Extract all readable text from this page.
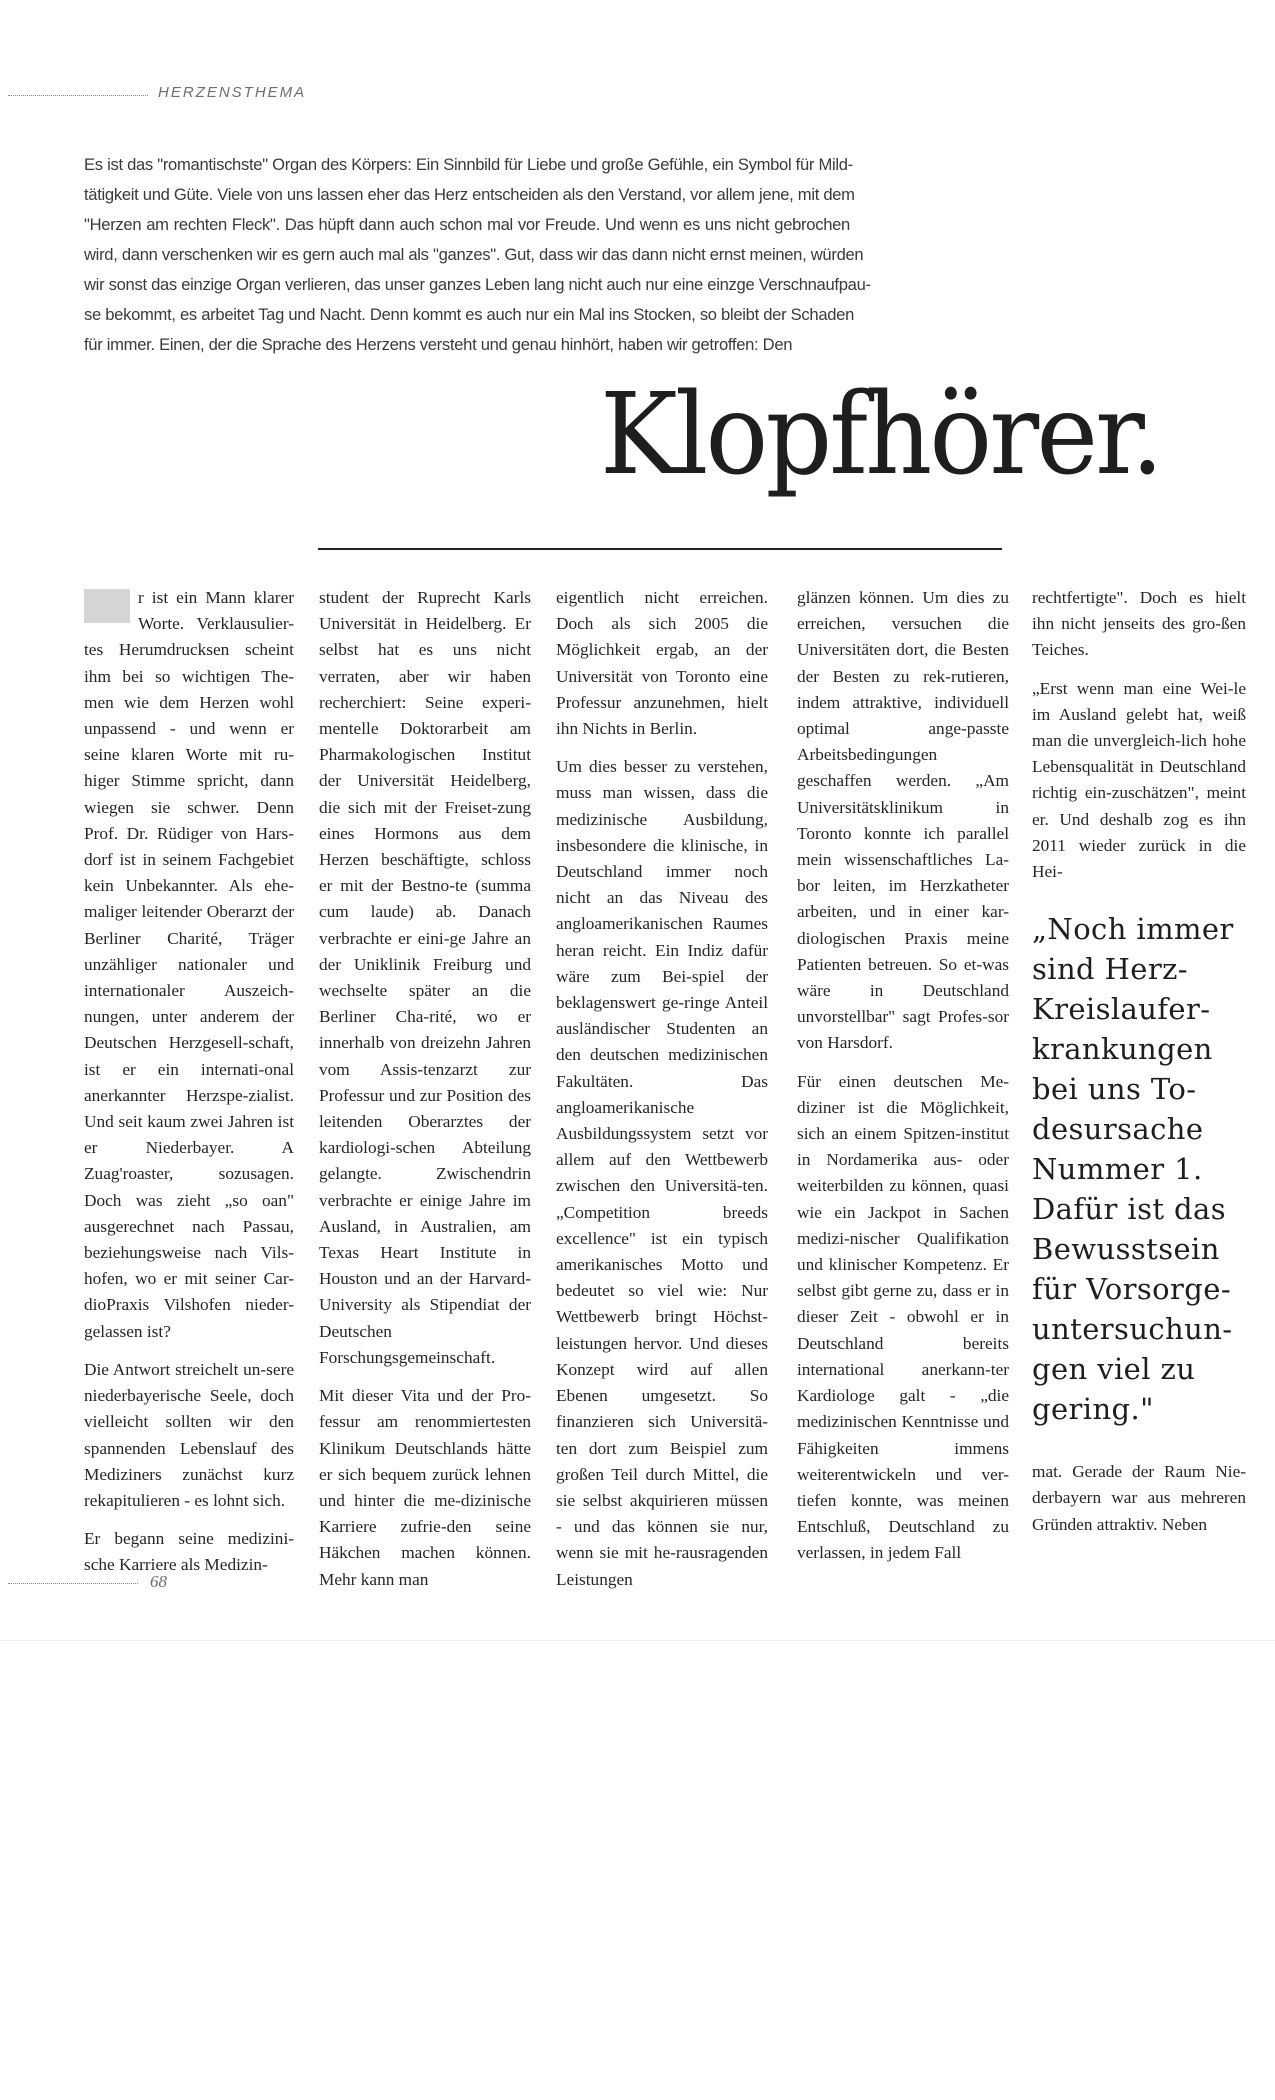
HERZENSTHEMA
Es ist das "romantischste" Organ des Körpers: Ein Sinnbild für Liebe und große Gefühle, ein Symbol für Mild-
tätigkeit und Güte. Viele von uns lassen eher das Herz entscheiden als den Verstand, vor allem jene, mit dem
"Herzen am rechten Fleck". Das hüpft dann auch schon mal vor Freude. Und wenn es uns nicht gebrochen
wird, dann verschenken wir es gern auch mal als "ganzes". Gut, dass wir das dann nicht ernst meinen, würden
wir sonst das einzige Organ verlieren, das unser ganzes Leben lang nicht auch nur eine einzge Verschnaufpau-
se bekommt, es arbeitet Tag und Nacht. Denn kommt es auch nur ein Mal ins Stocken, so bleibt der Schaden
für immer. Einen, der die Sprache des Herzens versteht und genau hinhört, haben wir getroffen: Den
Klopfhörer.

r ist ein Mann klarer Worte. Verklausulier-tes Herumdrucksen scheint ihm bei so wichtigen The-men wie dem Herzen wohl unpassend - und wenn er seine klaren Worte mit ru-higer Stimme spricht, dann wiegen sie schwer. Denn Prof. Dr. Rüdiger von Hars-dorf ist in seinem Fachgebiet kein Unbekannter. Als ehe-maliger leitender Oberarzt der Berliner Charité, Träger unzähliger nationaler und internationaler Auszeich-nungen, unter anderem der Deutschen Herzgesell-schaft, ist er ein internati-onal anerkannter Herzspe-zialist. Und seit kaum zwei Jahren ist er Niederbayer. A Zuag'roaster, sozusagen. Doch was zieht „so oan" ausgerechnet nach Passau, beziehungsweise nach Vils-hofen, wo er mit seiner Car-dioPraxis Vilshofen nieder-gelassen ist?

Die Antwort streichelt un-sere niederbayerische Seele, doch vielleicht sollten wir den spannenden Lebenslauf des Mediziners zunächst kurz rekapitulieren - es lohnt sich.

Er begann seine medizini-sche Karriere als Medizin-

student der Ruprecht Karls Universität in Heidelberg. Er selbst hat es uns nicht verraten, aber wir haben recherchiert: Seine experi-mentelle Doktorarbeit am Pharmakologischen Institut der Universität Heidelberg, die sich mit der Freiset-zung eines Hormons aus dem Herzen beschäftigte, schloss er mit der Bestno-te (summa cum laude) ab. Danach verbrachte er eini-ge Jahre an der Uniklinik Freiburg und wechselte später an die Berliner Cha-rité, wo er innerhalb von dreizehn Jahren vom Assis-tenzarzt zur Professur und zur Position des leitenden Oberarztes der kardiologi-schen Abteilung gelangte. Zwischendrin verbrachte er einige Jahre im Ausland, in Australien, am Texas Heart Institute in Houston und an der Harvard-University als Stipendiat der Deutschen Forschungsgemeinschaft.

Mit dieser Vita und der Pro-fessur am renommiertesten Klinikum Deutschlands hätte er sich bequem zurück lehnen und hinter die me-dizinische Karriere zufrie-den seine Häkchen machen können. Mehr kann man

eigentlich nicht erreichen. Doch als sich 2005 die Möglichkeit ergab, an der Universität von Toronto eine Professur anzunehmen, hielt ihn Nichts in Berlin.

Um dies besser zu verstehen, muss man wissen, dass die medizinische Ausbildung, insbesondere die klinische, in Deutschland immer noch nicht an das Niveau des angloamerikanischen Raumes heran reicht. Ein Indiz dafür wäre zum Bei-spiel der beklagenswert ge-ringe Anteil ausländischer Studenten an den deutschen medizinischen Fakultäten. Das angloamerikanische Ausbildungssystem setzt vor allem auf den Wettbewerb zwischen den Universitä-ten. „Competition breeds excellence" ist ein typisch amerikanisches Motto und bedeutet so viel wie: Nur Wettbewerb bringt Höchst-leistungen hervor. Und dieses Konzept wird auf allen Ebenen umgesetzt. So finanzieren sich Universitä-ten dort zum Beispiel zum großen Teil durch Mittel, die sie selbst akquirieren müssen - und das können sie nur, wenn sie mit he-rausragenden Leistungen

glänzen können. Um dies zu erreichen, versuchen die Universitäten dort, die Besten der Besten zu rek-rutieren, indem attraktive, individuell optimal ange-passte Arbeitsbedingungen geschaffen werden. „Am Universitätsklinikum in Toronto konnte ich parallel mein wissenschaftliches La-bor leiten, im Herzkatheter arbeiten, und in einer kar-diologischen Praxis meine Patienten betreuen. So et-was wäre in Deutschland unvorstellbar" sagt Profes-sor von Harsdorf.

Für einen deutschen Me-diziner ist die Möglichkeit, sich an einem Spitzen-institut in Nordamerika aus- oder weiterbilden zu können, quasi wie ein Jackpot in Sachen medizi-nischer Qualifikation und klinischer Kompetenz. Er selbst gibt gerne zu, dass er in dieser Zeit - obwohl er in Deutschland bereits international anerkann-ter Kardiologe galt - „die medizinischen Kenntnisse und Fähigkeiten immens weiterentwickeln und ver-tiefen konnte, was meinen Entschluß, Deutschland zu verlassen, in jedem Fall

rechtfertigte". Doch es hielt ihn nicht jenseits des gro-ßen Teiches.

„Erst wenn man eine Wei-le im Ausland gelebt hat, weiß man die unvergleich-lich hohe Lebensqualität in Deutschland richtig ein-zuschätzen", meint er. Und deshalb zog es ihn 2011 wieder zurück in die Hei-

„Noch immer sind Herz-Kreislaufer-krankungen bei uns To-desursache Nummer 1. Dafür ist das Bewusstsein für Vorsorge-untersuchun-gen viel zu gering."

mat. Gerade der Raum Nie-derbayern war aus mehreren Gründen attraktiv. Neben

68
